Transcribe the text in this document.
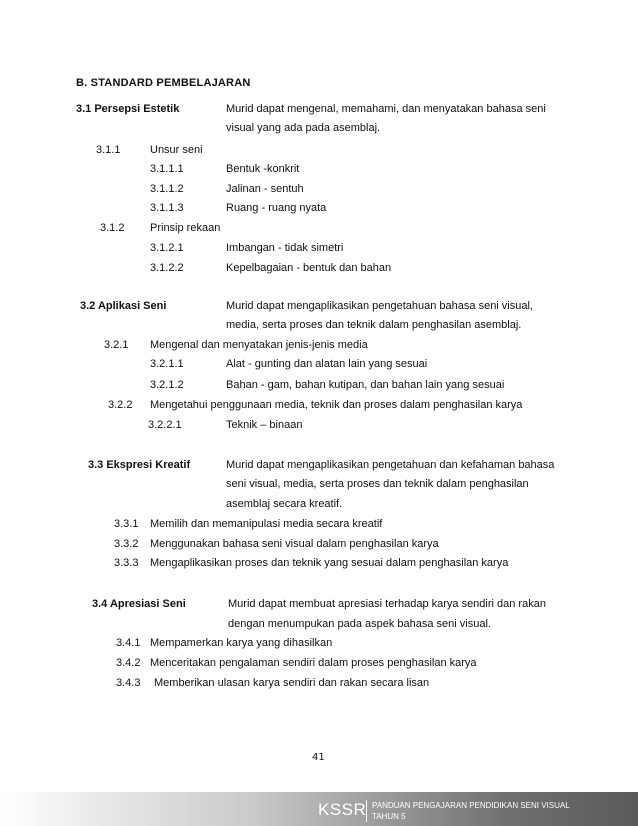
B. STANDARD PEMBELAJARAN
3.1 Persepsi Estetik	Murid dapat mengenal, memahami, dan menyatakan bahasa seni
visual yang ada pada asemblaj.
3.1.1	Unsur seni
3.1.1.1	Bentuk -konkrit
3.1.1.2	Jalinan - sentuh
3.1.1.3	Ruang - ruang nyata
3.1.2 Prinsip rekaan
3.1.2.1	Imbangan - tidak simetri
3.1.2.2	Kepelbagaian - bentuk dan bahan
3.2 Aplikasi Seni	Murid dapat mengaplikasikan pengetahuan bahasa seni visual,
media, serta proses dan teknik dalam penghasilan asemblaj.
3.2.1 Mengenal dan menyatakan jenis-jenis media
3.2.1.1	Alat - gunting dan alatan lain yang sesuai
3.2.1.2	Bahan - gam, bahan kutipan, dan bahan lain yang sesuai
3.2.2 Mengetahui penggunaan media, teknik dan proses dalam penghasilan karya
3.2.2.1	Teknik – binaan
3.3 Ekspresi Kreatif	Murid dapat mengaplikasikan pengetahuan dan kefahaman bahasa
seni visual, media, serta proses dan teknik dalam penghasilan
asemblaj secara kreatif.
3.3.1 Memilih dan memanipulasi media secara kreatif
3.3.2 Menggunakan bahasa seni visual dalam penghasilan karya
3.3.3 Mengaplikasikan proses dan teknik yang sesuai dalam penghasilan karya
3.4 Apresiasi Seni	Murid dapat membuat apresiasi terhadap karya sendiri dan rakan
dengan menumpukan pada aspek bahasa seni visual.
3.4.1 Mempamerkan karya yang dihasilkan
3.4.2 Menceritakan pengalaman sendiri dalam proses penghasilan karya
3.4.3 Memberikan ulasan karya sendiri dan rakan secara lisan
41
KSSR PANDUAN PENGAJARAN PENDIDIKAN SENI VISUAL
TAHUN 5
